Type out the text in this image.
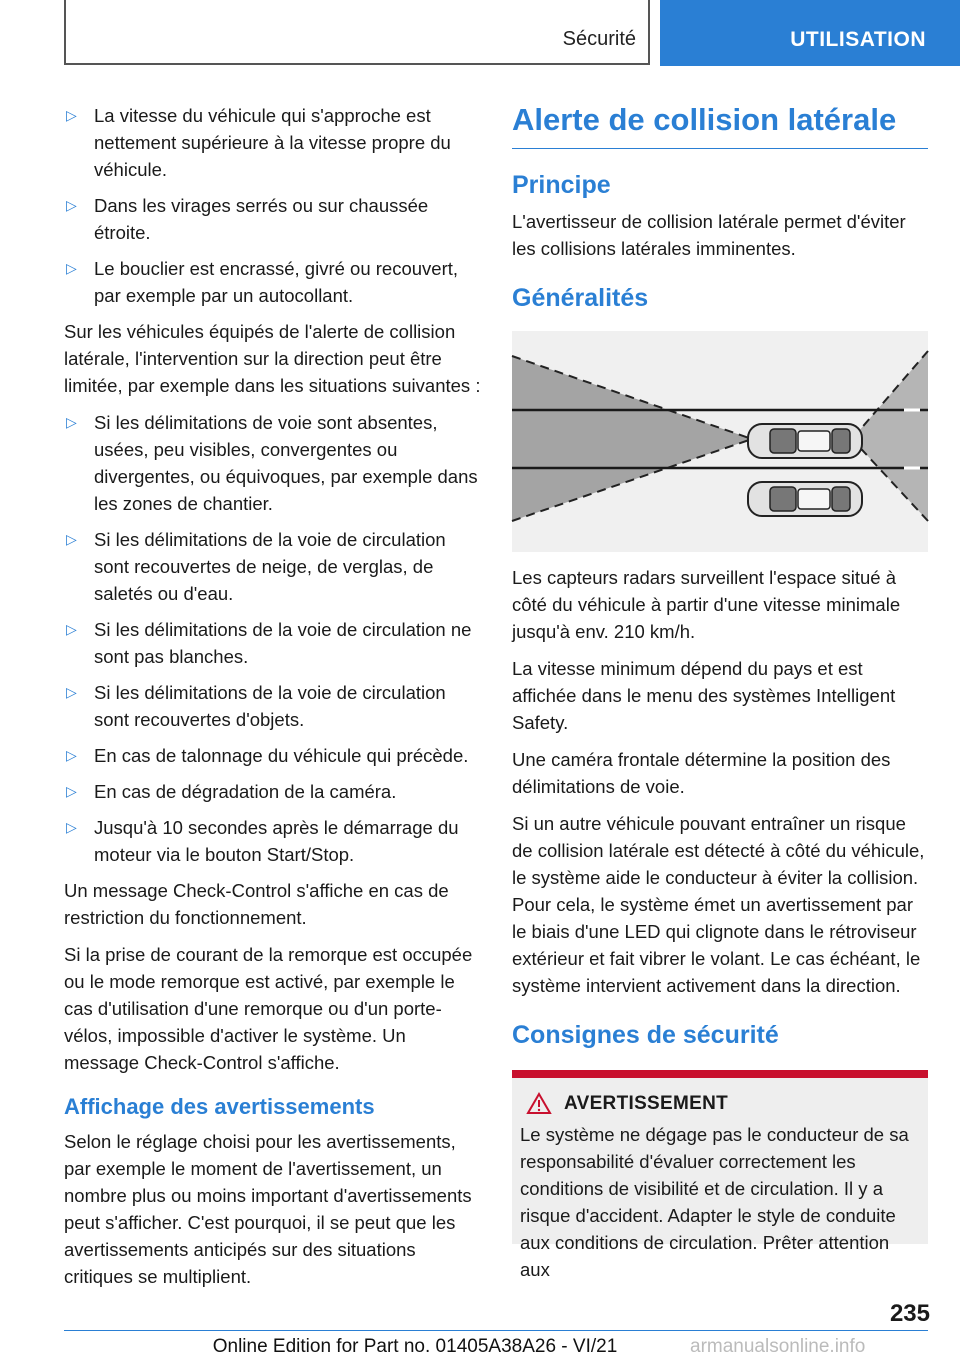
Sécurité	UTILISATION
▷ La vitesse du véhicule qui s'approche est nettement supérieure à la vitesse propre du véhicule.
▷ Dans les virages serrés ou sur chaussée étroite.
▷ Le bouclier est encrassé, givré ou recouvert, par exemple par un autocollant.

Sur les véhicules équipés de l'alerte de collision latérale, l'intervention sur la direction peut être limitée, par exemple dans les situations suivantes :

▷ Si les délimitations de voie sont absentes, usées, peu visibles, convergentes ou divergentes, ou équivoques, par exemple dans les zones de chantier.
▷ Si les délimitations de la voie de circulation sont recouvertes de neige, de verglas, de saletés ou d'eau.
▷ Si les délimitations de la voie de circulation ne sont pas blanches.
▷ Si les délimitations de la voie de circulation sont recouvertes d'objets.
▷ En cas de talonnage du véhicule qui précède.
▷ En cas de dégradation de la caméra.
▷ Jusqu'à 10 secondes après le démarrage du moteur via le bouton Start/Stop.

Un message Check-Control s'affiche en cas de restriction du fonctionnement.

Si la prise de courant de la remorque est occupée ou le mode remorque est activé, par exemple le cas d'utilisation d'une remorque ou d'un porte-vélos, impossible d'activer le système. Un message Check-Control s'affiche.

Affichage des avertissements

Selon le réglage choisi pour les avertissements, par exemple le moment de l'avertissement, un nombre plus ou moins important d'avertissements peut s'afficher. C'est pourquoi, il se peut que les avertissements anticipés sur des situations critiques se multiplient.

Alerte de collision latérale
Principe

L'avertisseur de collision latérale permet d'éviter les collisions latérales imminentes.

Généralités

Les capteurs radars surveillent l'espace situé à côté du véhicule à partir d'une vitesse minimale jusqu'à env. 210 km/h.

La vitesse minimum dépend du pays et est affichée dans le menu des systèmes Intelligent Safety.

Une caméra frontale détermine la position des délimitations de voie.

Si un autre véhicule pouvant entraîner un risque de collision latérale est détecté à côté du véhicule, le système aide le conducteur à éviter la collision. Pour cela, le système émet un avertissement par le biais d'une LED qui clignote dans le rétroviseur extérieur et fait vibrer le volant. Le cas échéant, le système intervient activement dans la direction.

Consignes de sécurité
AVERTISSEMENT

Le système ne dégage pas le conducteur de sa responsabilité d'évaluer correctement les conditions de visibilité et de circulation. Il y a risque d'accident. Adapter le style de conduite aux conditions de circulation. Prêter attention aux

235
Online Edition for Part no. 01405A38A26 - VI/21	armanualsonline.info
